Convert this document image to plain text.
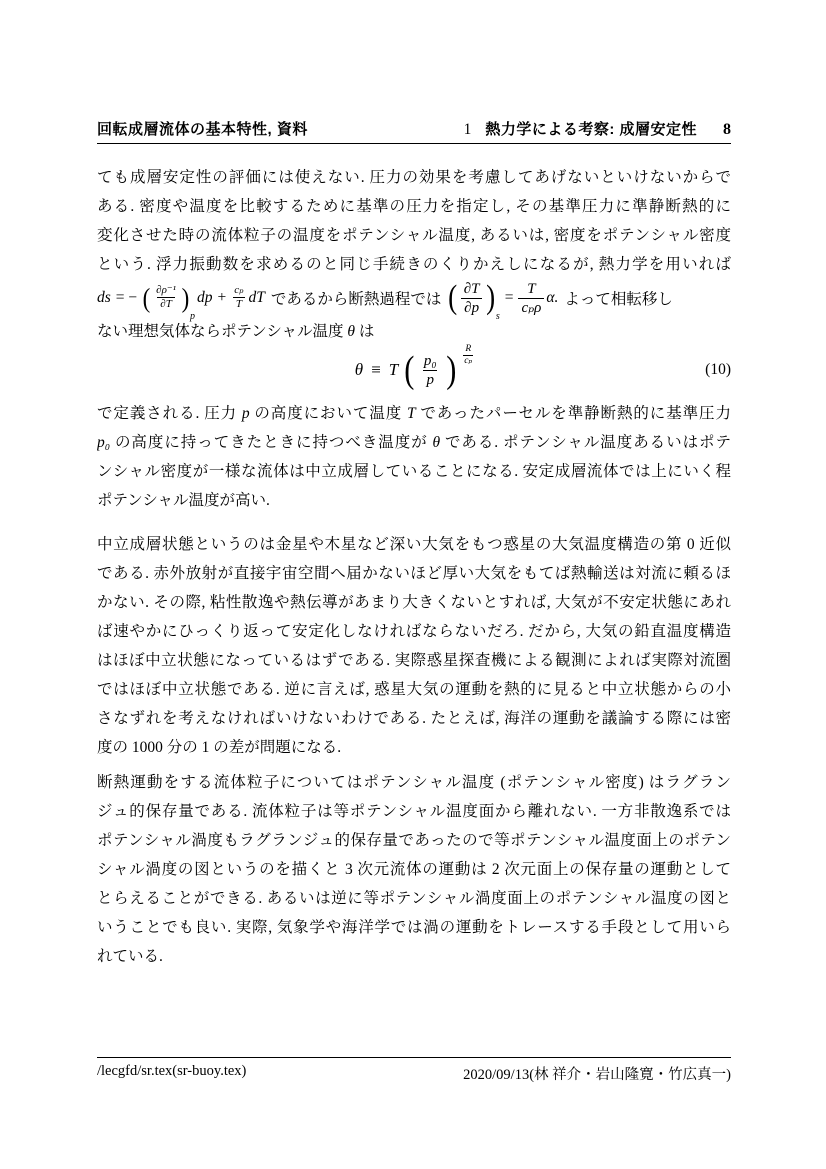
回転成層流体の基本特性, 資料	1 熱力学による考察: 成層安定性 8
ても成層安定性の評価には使えない. 圧力の効果を考慮してあげないといけないからで
ある. 密度や温度を比較するために基準の圧力を指定し, その基準圧力に準静断熱的に
変化させた時の流体粒子の温度をポテンシャル温度, あるいは, 密度をポテンシャル密度
という. 浮力振動数を求めるのと同じ手続きのくりかえしになるが, 熱力学を用いれば
ds = − ( $\frac{\text{∂ρ⁻¹}}{\partial T}$ )
p
dp + $\frac{\text{cₚ}}{T}$ dT であるから断熱過程では ( $\frac{\partial T}{\partial p}$ )
s
= $\frac{T}{\text{cₚρ}} \alpha$. よって相転移し
ない理想気体ならポテンシャル温度 θ は
θ ≡ T ( $\frac{\text{p₀}}{p}$ ) $\frac{R}{\text{cₚ}}$
(10)
で定義される. 圧力 p の高度において温度 T であったパーセルを準静断熱的に基準圧力
p₀ の高度に持ってきたときに持つべき温度が θ である. ポテンシャル温度あるいはポテ
ンシャル密度が一様な流体は中立成層していることになる. 安定成層流体では上にいく程
ポテンシャル温度が高い.
中立成層状態というのは金星や木星など深い大気をもつ惑星の大気温度構造の第 0 近似
である. 赤外放射が直接宇宙空間へ届かないほど厚い大気をもてば熱輸送は対流に頼るほ
かない. その際, 粘性散逸や熱伝導があまり大きくないとすれば, 大気が不安定状態にあれ
ば速やかにひっくり返って安定化しなければならないだろ. だから, 大気の鉛直温度構造
はほぼ中立状態になっているはずである. 実際惑星探査機による観測によれば実際対流圏
ではほぼ中立状態である. 逆に言えば, 惑星大気の運動を熱的に見ると中立状態からの小
さなずれを考えなければいけないわけである. たとえば, 海洋の運動を議論する際には密
度の 1000 分の 1 の差が問題になる.
断熱運動をする流体粒子についてはポテンシャル温度 (ポテンシャル密度) はラグラン
ジュ的保存量である. 流体粒子は等ポテンシャル温度面から離れない. 一方非散逸系では
ポテンシャル渦度もラグランジュ的保存量であったので等ポテンシャル温度面上のポテン
シャル渦度の図というのを描くと 3 次元流体の運動は 2 次元面上の保存量の運動として
とらえることができる. あるいは逆に等ポテンシャル渦度面上のポテンシャル温度の図と
いうことでも良い. 実際, 気象学や海洋学では渦の運動をトレースする手段として用いら
れている.
/lecgfd/sr.tex(sr-buoy.tex)	2020/09/13(林 祥介・岩山隆寛・竹広真一)
